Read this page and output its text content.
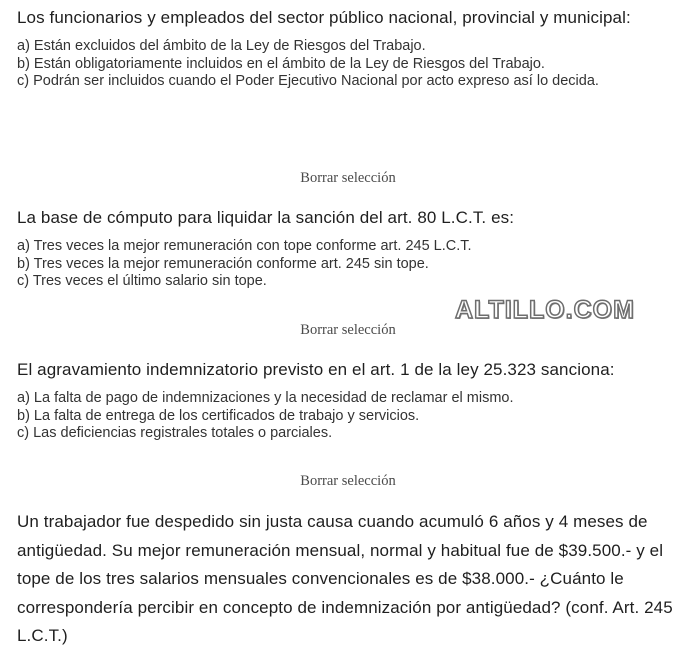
Los funcionarios y empleados del sector público nacional, provincial y municipal:

a) Están excluidos del ámbito de la Ley de Riesgos del Trabajo.
b) Están obligatoriamente incluidos en el ámbito de la Ley de Riesgos del Trabajo.
c) Podrán ser incluidos cuando el Poder Ejecutivo Nacional por acto expreso así lo decida.
Borrar selección

La base de cómputo para liquidar la sanción del art. 80 L.C.T. es:

a) Tres veces la mejor remuneración con tope conforme art. 245 L.C.T.
b) Tres veces la mejor remuneración conforme art. 245 sin tope.
c) Tres veces el último salario sin tope.
Borrar selección
ALTILLO.COM

El agravamiento indemnizatorio previsto en el art. 1 de la ley 25.323 sanciona:

a) La falta de pago de indemnizaciones y la necesidad de reclamar el mismo.
b) La falta de entrega de los certificados de trabajo y servicios.
c) Las deficiencias registrales totales o parciales.
Borrar selección

Un trabajador fue despedido sin justa causa cuando acumuló 6 años y 4 meses de antigüedad. Su mejor remuneración mensual, normal y habitual fue de $39.500.- y el tope de los tres salarios mensuales convencionales es de $38.000.- ¿Cuánto le correspondería percibir en concepto de indemnización por antigüedad? (conf. Art. 245 L.C.T.)
